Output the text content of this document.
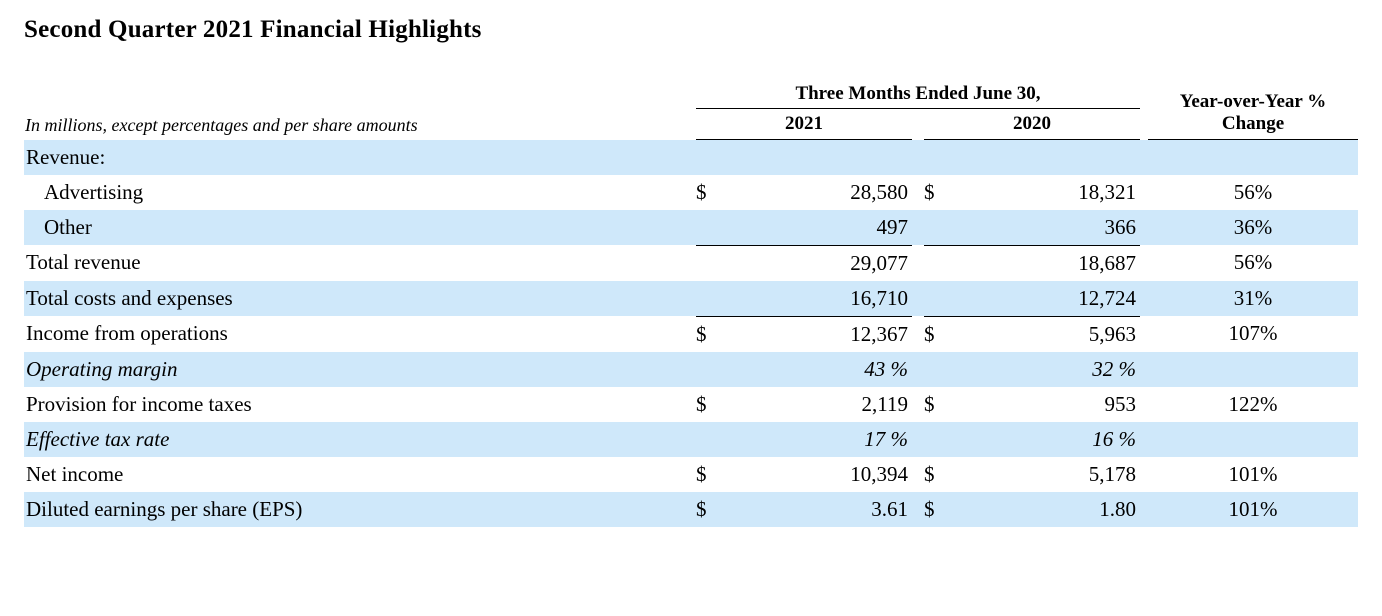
Second Quarter 2021 Financial Highlights
	Three Months Ended June 30,						Year-over-Year %
Change
In millions, except percentages and per share amounts	2021			2020			
Revenue:							
Advertising	$	28,580		$	18,321		56%
Other		497			366		36%
Total revenue		29,077			18,687		56%
Total costs and expenses		16,710			12,724		31%
Income from operations	$	12,367		$	5,963		107%
Operating margin		43 %			32 %		
Provision for income taxes	$	2,119		$	953		122%
Effective tax rate		17 %			16 %		
Net income	$	10,394		$	5,178		101%
Diluted earnings per share (EPS)	$	3.61		$	1.80		101%
